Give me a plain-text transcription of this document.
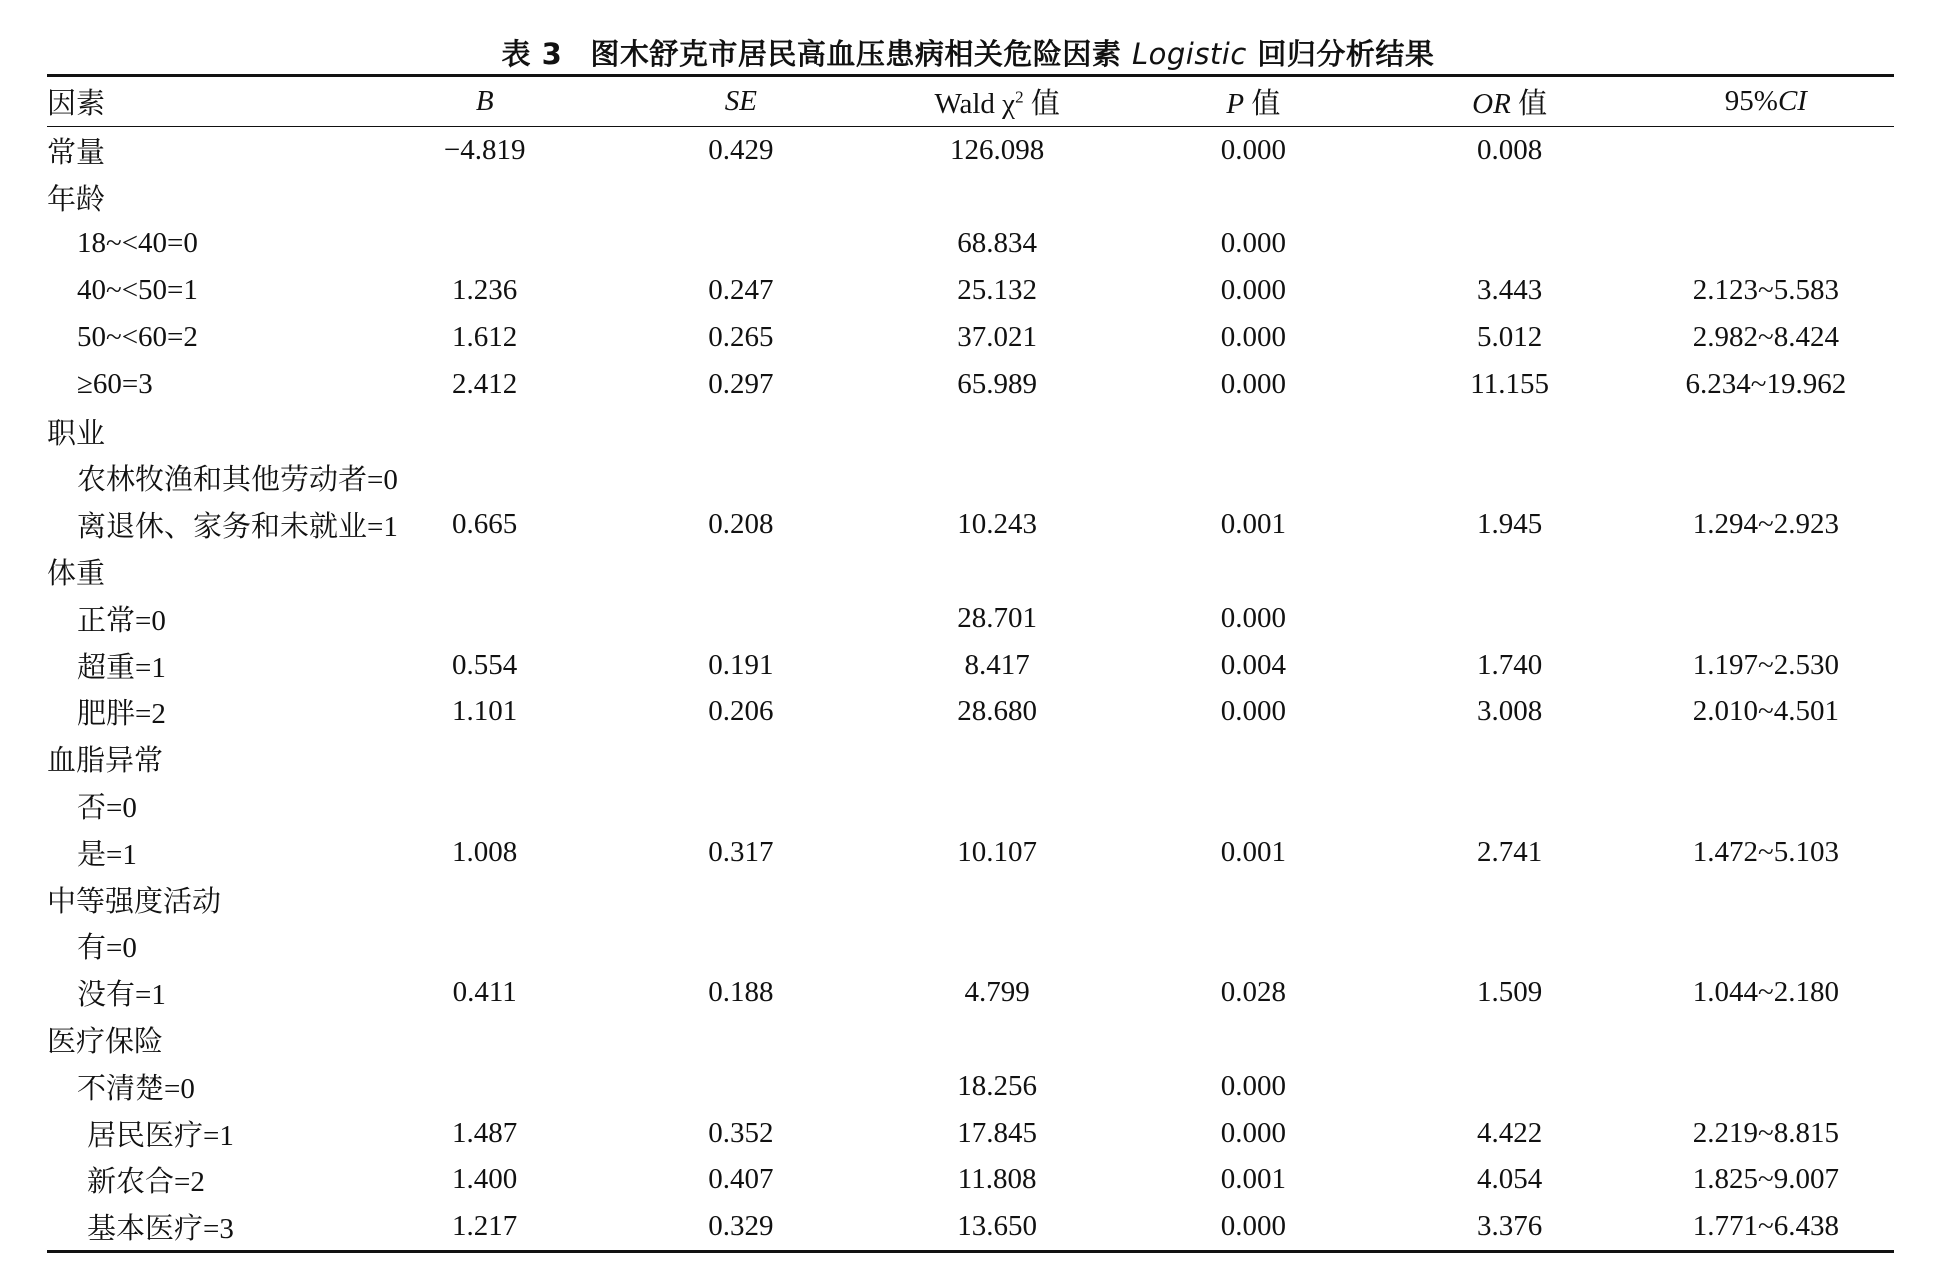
表 3 图木舒克市居民高血压患病相关危险因素 Logistic 回归分析结果
因素	B	SE	Wald $\chi^2$ 值	P 值	OR 值	95%CI
常量	−4.819	0.429	126.098	0.000	0.008	
年龄						
18~<40=0			68.834	0.000		
40~<50=1	1.236	0.247	25.132	0.000	3.443	2.123~5.583
50~<60=2	1.612	0.265	37.021	0.000	5.012	2.982~8.424
≥60=3	2.412	0.297	65.989	0.000	11.155	6.234~19.962
职业						
农林牧渔和其他劳动者=0						
离退休、家务和未就业=1	0.665	0.208	10.243	0.001	1.945	1.294~2.923
体重						
正常=0			28.701	0.000		
超重=1	0.554	0.191	8.417	0.004	1.740	1.197~2.530
肥胖=2	1.101	0.206	28.680	0.000	3.008	2.010~4.501
血脂异常						
否=0						
是=1	1.008	0.317	10.107	0.001	2.741	1.472~5.103
中等强度活动						
有=0						
没有=1	0.411	0.188	4.799	0.028	1.509	1.044~2.180
医疗保险						
不清楚=0			18.256	0.000		
居民医疗=1	1.487	0.352	17.845	0.000	4.422	2.219~8.815
新农合=2	1.400	0.407	11.808	0.001	4.054	1.825~9.007
基本医疗=3	1.217	0.329	13.650	0.000	3.376	1.771~6.438
